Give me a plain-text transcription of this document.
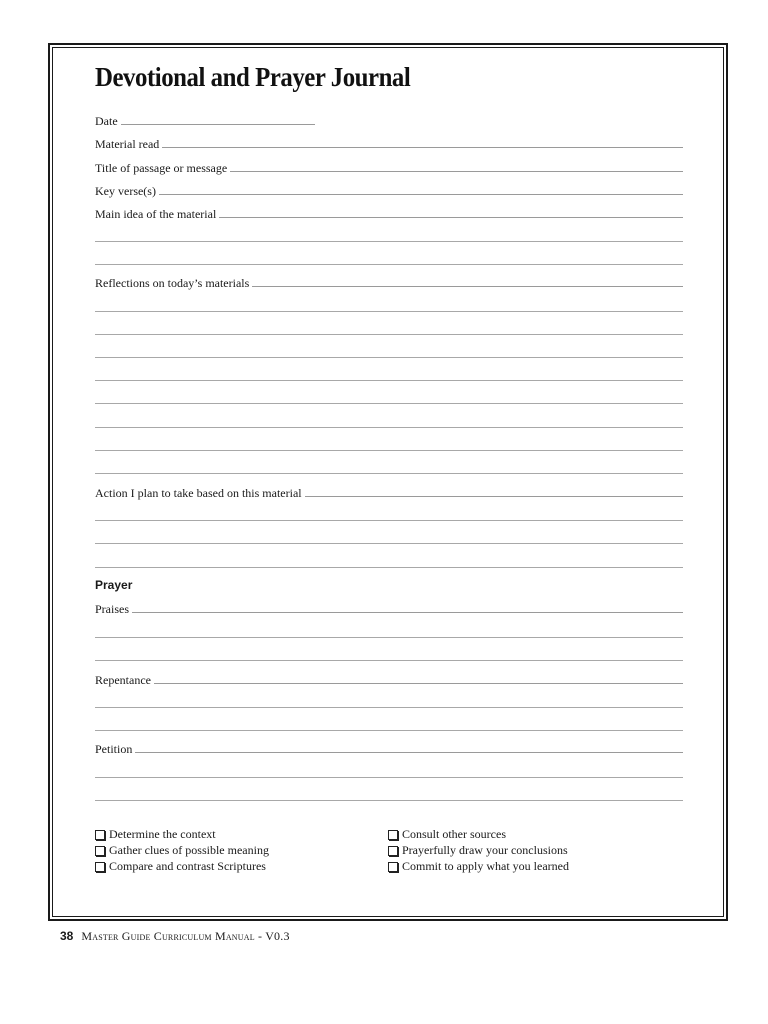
Devotional and Prayer Journal
Date
Material read
Title of passage or message
Key verse(s)
Main idea of the material
Reflections on today’s materials
Action I plan to take based on this material
Prayer
Praises
Repentance
Petition
Determine the context
Gather clues of possible meaning
Compare and contrast Scriptures
Consult other sources
Prayerfully draw your conclusions
Commit to apply what you learned
38 Master Guide Curriculum Manual - V0.3
